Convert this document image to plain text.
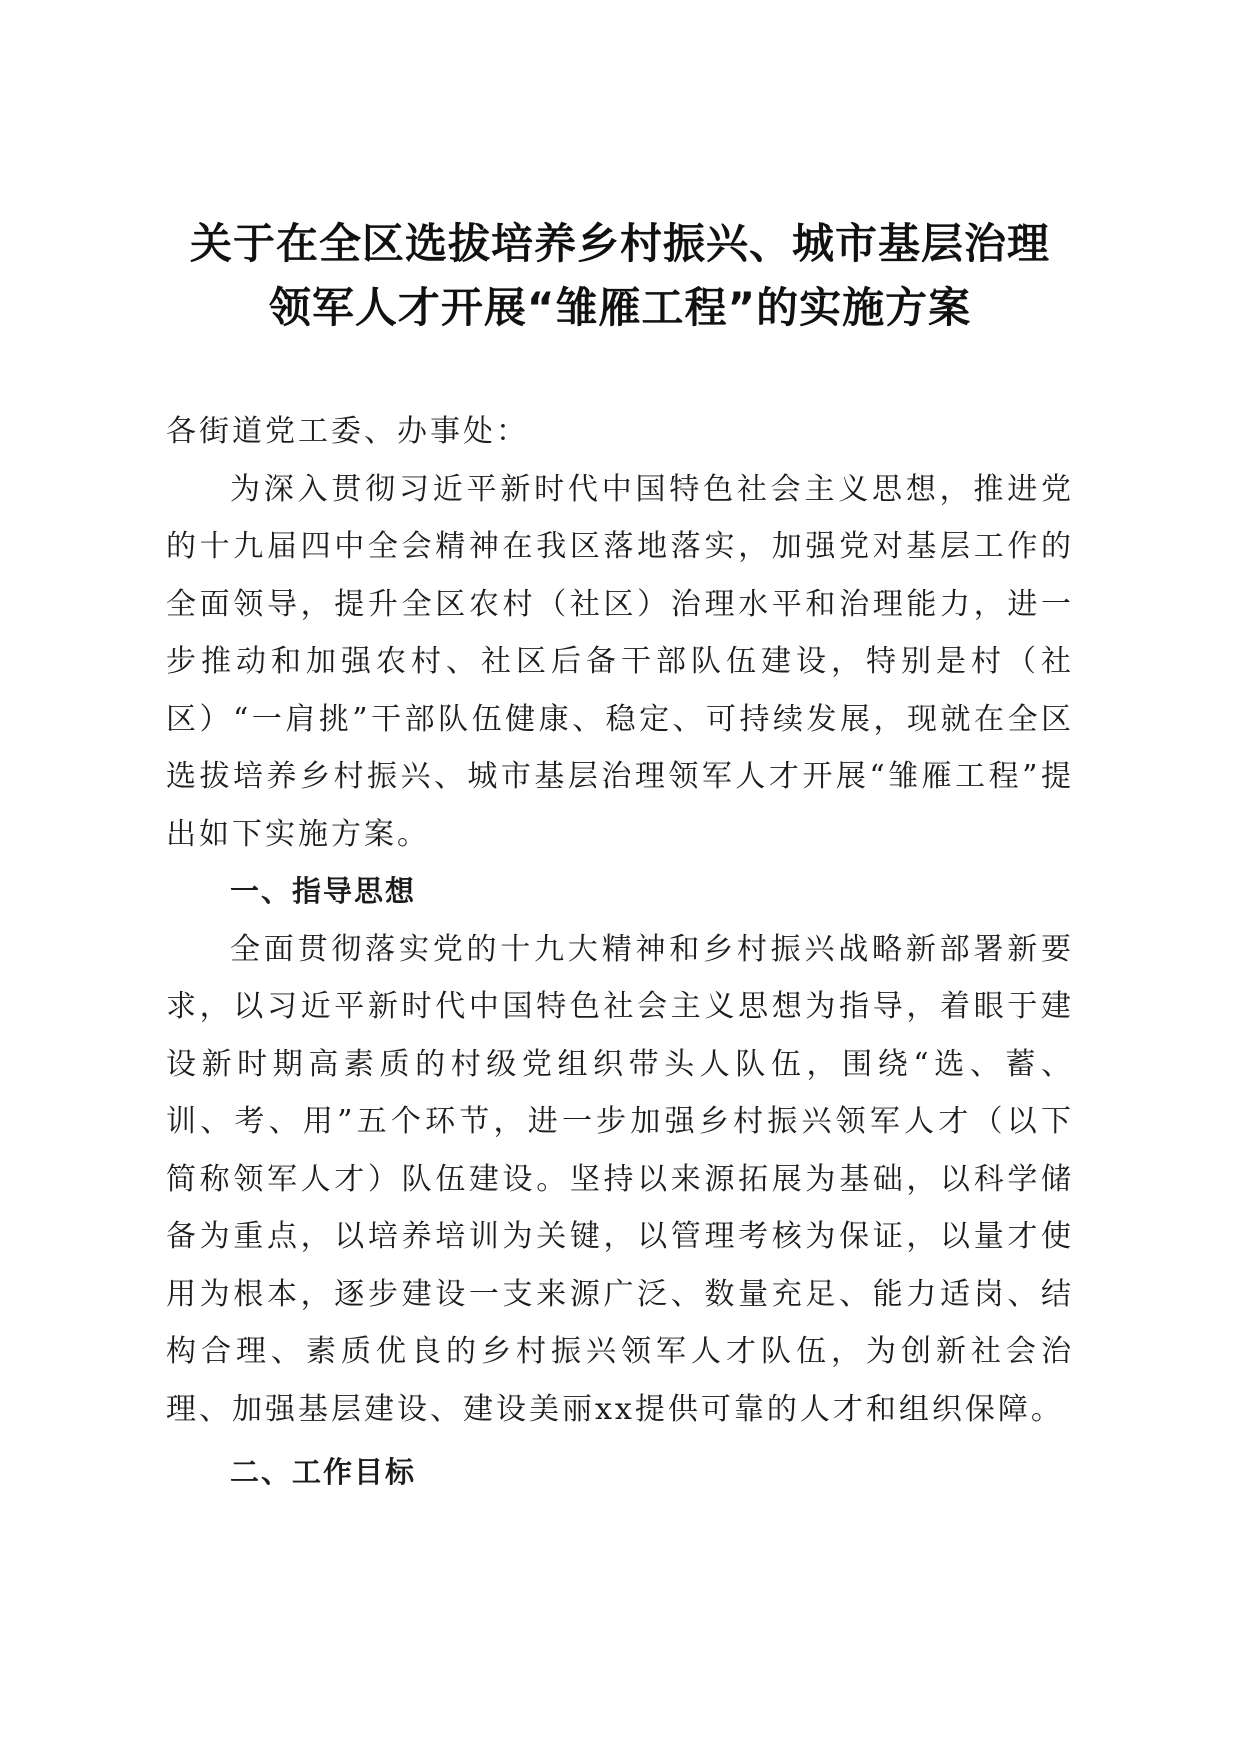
关于在全区选拔培养乡村振兴、城市基层治理
领军人才开展“雏雁工程”的实施方案

各街道党工委、办事处：

为深入贯彻习近平新时代中国特色社会主义思想，推进党的十九届四中全会精神在我区落地落实，加强党对基层工作的全面领导，提升全区农村（社区）治理水平和治理能力，进一步推动和加强农村、社区后备干部队伍建设，特别是村（社区）“一肩挑”干部队伍健康、稳定、可持续发展，现就在全区选拔培养乡村振兴、城市基层治理领军人才开展“雏雁工程”提出如下实施方案。

一、指导思想

全面贯彻落实党的十九大精神和乡村振兴战略新部署新要求，以习近平新时代中国特色社会主义思想为指导，着眼于建设新时期高素质的村级党组织带头人队伍，围绕“选、蓄、训、考、用”五个环节，进一步加强乡村振兴领军人才（以下简称领军人才）队伍建设。坚持以来源拓展为基础，以科学储备为重点，以培养培训为关键，以管理考核为保证，以量才使用为根本，逐步建设一支来源广泛、数量充足、能力适岗、结构合理、素质优良的乡村振兴领军人才队伍，为创新社会治理、加强基层建设、建设美丽xx提供可靠的人才和组织保障。

二、工作目标
